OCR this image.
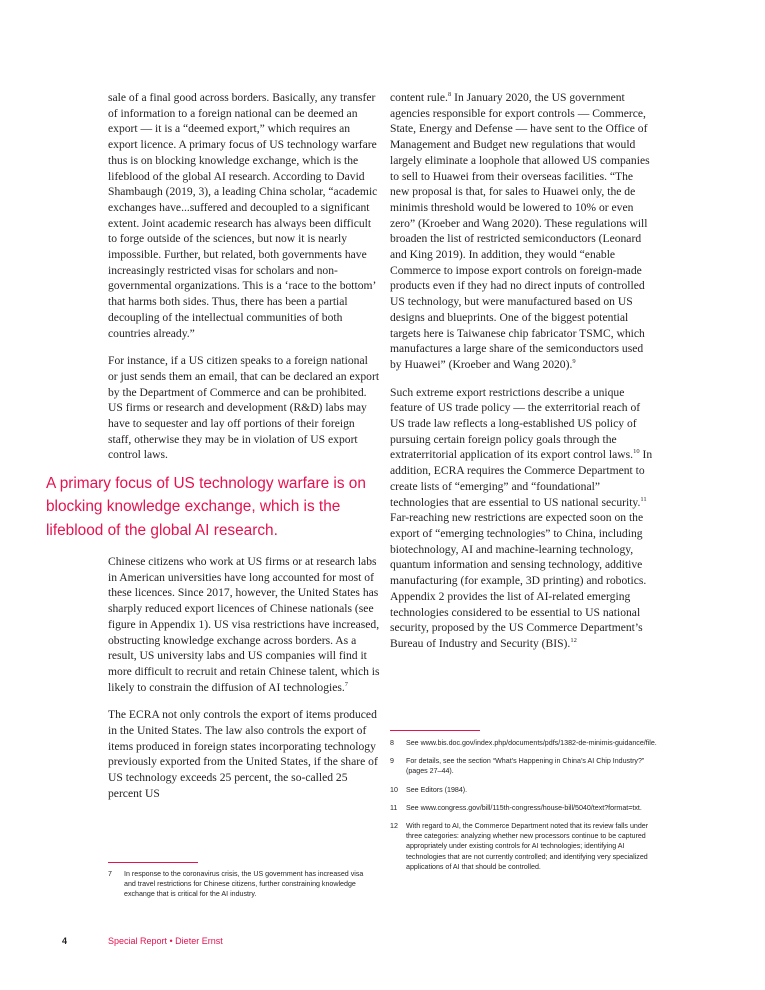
sale of a final good across borders. Basically, any transfer of information to a foreign national can be deemed an export — it is a “deemed export,” which requires an export licence. A primary focus of US technology warfare thus is on blocking knowledge exchange, which is the lifeblood of the global AI research. According to David Shambaugh (2019, 3), a leading China scholar, “academic exchanges have...suffered and decoupled to a significant extent. Joint academic research has always been difficult to forge outside of the sciences, but now it is nearly impossible. Further, but related, both governments have increasingly restricted visas for scholars and non-governmental organizations. This is a ‘race to the bottom’ that harms both sides. Thus, there has been a partial decoupling of the intellectual communities of both countries already.”

For instance, if a US citizen speaks to a foreign national or just sends them an email, that can be declared an export by the Department of Commerce and can be prohibited. US firms or research and development (R&D) labs may have to sequester and lay off portions of their foreign staff, otherwise they may be in violation of US export control laws.

A primary focus of US technology warfare is on blocking knowledge exchange, which is the lifeblood of the global AI research.

Chinese citizens who work at US firms or at research labs in American universities have long accounted for most of these licences. Since 2017, however, the United States has sharply reduced export licences of Chinese nationals (see figure in Appendix 1). US visa restrictions have increased, obstructing knowledge exchange across borders. As a result, US university labs and US companies will find it more difficult to recruit and retain Chinese talent, which is likely to constrain the diffusion of AI technologies.$^7$

The ECRA not only controls the export of items produced in the United States. The law also controls the export of items produced in foreign states incorporating technology previously exported from the United States, if the share of US technology exceeds 25 percent, the so-called 25 percent US

content rule.$^8$ In January 2020, the US government agencies responsible for export controls — Commerce, State, Energy and Defense — have sent to the Office of Management and Budget new regulations that would largely eliminate a loophole that allowed US companies to sell to Huawei from their overseas facilities. “The new proposal is that, for sales to Huawei only, the de minimis threshold would be lowered to 10% or even zero” (Kroeber and Wang 2020). These regulations will broaden the list of restricted semiconductors (Leonard and King 2019). In addition, they would “enable Commerce to impose export controls on foreign-made products even if they had no direct inputs of controlled US technology, but were manufactured based on US designs and blueprints. One of the biggest potential targets here is Taiwanese chip fabricator TSMC, which manufactures a large share of the semiconductors used by Huawei” (Kroeber and Wang 2020).$^9$

Such extreme export restrictions describe a unique feature of US trade policy — the exterritorial reach of US trade law reflects a long-established US policy of pursuing certain foreign policy goals through the extraterritorial application of its export control laws.$^{10}$ In addition, ECRA requires the Commerce Department to create lists of “emerging” and “foundational” technologies that are essential to US national security.$^{11}$ Far-reaching new restrictions are expected soon on the export of “emerging technologies” to China, including biotechnology, AI and machine-learning technology, quantum information and sensing technology, additive manufacturing (for example, 3D printing) and robotics. Appendix 2 provides the list of AI-related emerging technologies considered to be essential to US national security, proposed by the US Commerce Department’s Bureau of Industry and Security (BIS).$^{12}$

8	See www.bis.doc.gov/index.php/documents/pdfs/1382-de-minimis-guidance/file.
9	For details, see the section “What’s Happening in China’s AI Chip Industry?” (pages 27–44).
10	See Editors (1984).
11	See www.congress.gov/bill/115th-congress/house-bill/5040/text?format=txt.
12	With regard to AI, the Commerce Department noted that its review falls under three categories: analyzing whether new processors continue to be captured appropriately under existing controls for AI technologies; identifying AI technologies that are not currently controlled; and identifying very specialized applications of AI that should be controlled.
7	In response to the coronavirus crisis, the US government has increased visa and travel restrictions for Chinese citizens, further constraining knowledge exchange that is critical for the AI industry.
4	Special Report • Dieter Ernst
